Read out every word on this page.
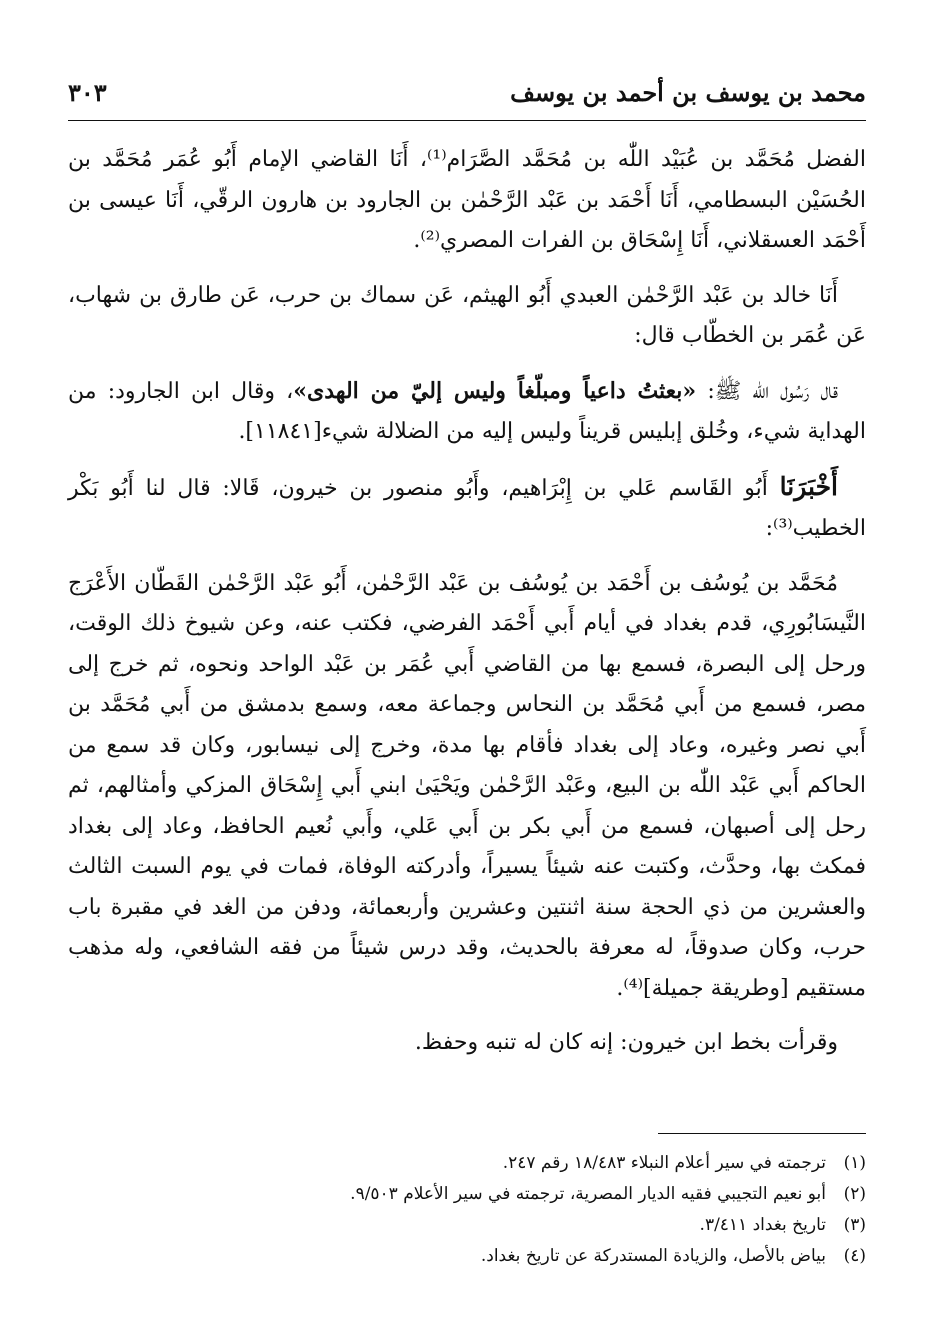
محمد بن يوسف بن أحمد بن يوسف
٣٠٣

الفضل مُحَمَّد بن عُبَيْد اللّٰه بن مُحَمَّد الصَّرَام⁽¹⁾، أَنَا القاضي الإمام أَبُو عُمَر مُحَمَّد بن الحُسَيْن البسطامي، أَنَا أَحْمَد بن عَبْد الرَّحْمٰن بن الجارود بن هارون الرقّي، أَنَا عيسى بن أَحْمَد العسقلاني، أَنَا إِسْحَاق بن الفرات المصري⁽²⁾.

أَنَا خالد بن عَبْد الرَّحْمٰن العبدي أَبُو الهيثم، عَن سماك بن حرب، عَن طارق بن شهاب، عَن عُمَر بن الخطّاب قال:

قال رَسُول اللّٰه ﷺ: «بعثتُ داعياً ومبلّغاً وليس إليّ من الهدى»، وقال ابن الجارود: من الهداية شيء، وخُلق إبليس قريناً وليس إليه من الضلالة شيء[١١٨٤١].

أَخْبَرَنَا أَبُو القَاسم عَلي بن إِبْرَاهيم، وأَبُو منصور بن خيرون، قَالا: قال لنا أَبُو بَكْر الخطيب⁽³⁾:

مُحَمَّد بن يُوسُف بن أَحْمَد بن يُوسُف بن عَبْد الرَّحْمٰن، أَبُو عَبْد الرَّحْمٰن القَطّان الأَعْرَج النَّيسَابُورِي، قدم بغداد في أيام أَبي أَحْمَد الفرضي، فكتب عنه، وعن شيوخ ذلك الوقت، ورحل إلى البصرة، فسمع بها من القاضي أَبي عُمَر بن عَبْد الواحد ونحوه، ثم خرج إلى مصر، فسمع من أَبي مُحَمَّد بن النحاس وجماعة معه، وسمع بدمشق من أَبي مُحَمَّد بن أَبي نصر وغيره، وعاد إلى بغداد فأقام بها مدة، وخرج إلى نيسابور، وكان قد سمع من الحاكم أَبي عَبْد اللّٰه بن البيع، وعَبْد الرَّحْمٰن ويَحْيَىٰ ابني أَبي إِسْحَاق المزكي وأمثالهم، ثم رحل إلى أصبهان، فسمع من أَبي بكر بن أَبي عَلي، وأَبي نُعيم الحافظ، وعاد إلى بغداد فمكث بها، وحدَّث، وكتبت عنه شيئاً يسيراً، وأدركته الوفاة، فمات في يوم السبت الثالث والعشرين من ذي الحجة سنة اثنتين وعشرين وأربعمائة، ودفن من الغد في مقبرة باب حرب، وكان صدوقاً، له معرفة بالحديث، وقد درس شيئاً من فقه الشافعي، وله مذهب مستقيم [وطريقة جميلة]⁽⁴⁾.

وقرأت بخط ابن خيرون: إنه كان له تنبه وحفظ.

(١)
ترجمته في سير أعلام النبلاء ١٨/٤٨٣ رقم ٢٤٧.
(٢)
أبو نعيم التجيبي فقيه الديار المصرية، ترجمته في سير الأعلام ٩/٥٠٣.
(٣)
تاريخ بغداد ٣/٤١١.
(٤)
بياض بالأصل، والزيادة المستدركة عن تاريخ بغداد.
